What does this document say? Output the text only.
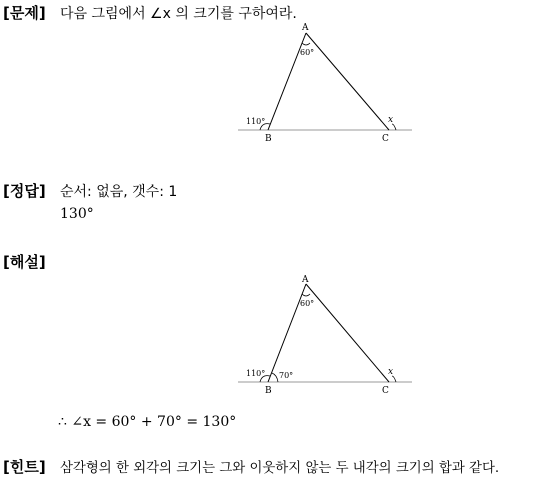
[문제] 다음 그림에서 ∠x 의 크기를 구하여라.
A
B	C
60°
110°	x
[정답] 순서: 없음, 갯수: 1
130°
[해설]
A
B	C
60°
110° 70°	x
∴ ∠x = 60° + 70° = 130°
[힌트] 삼각형의 한 외각의 크기는 그와 이웃하지 않는 두 내각의 크기의 합과 같다.
